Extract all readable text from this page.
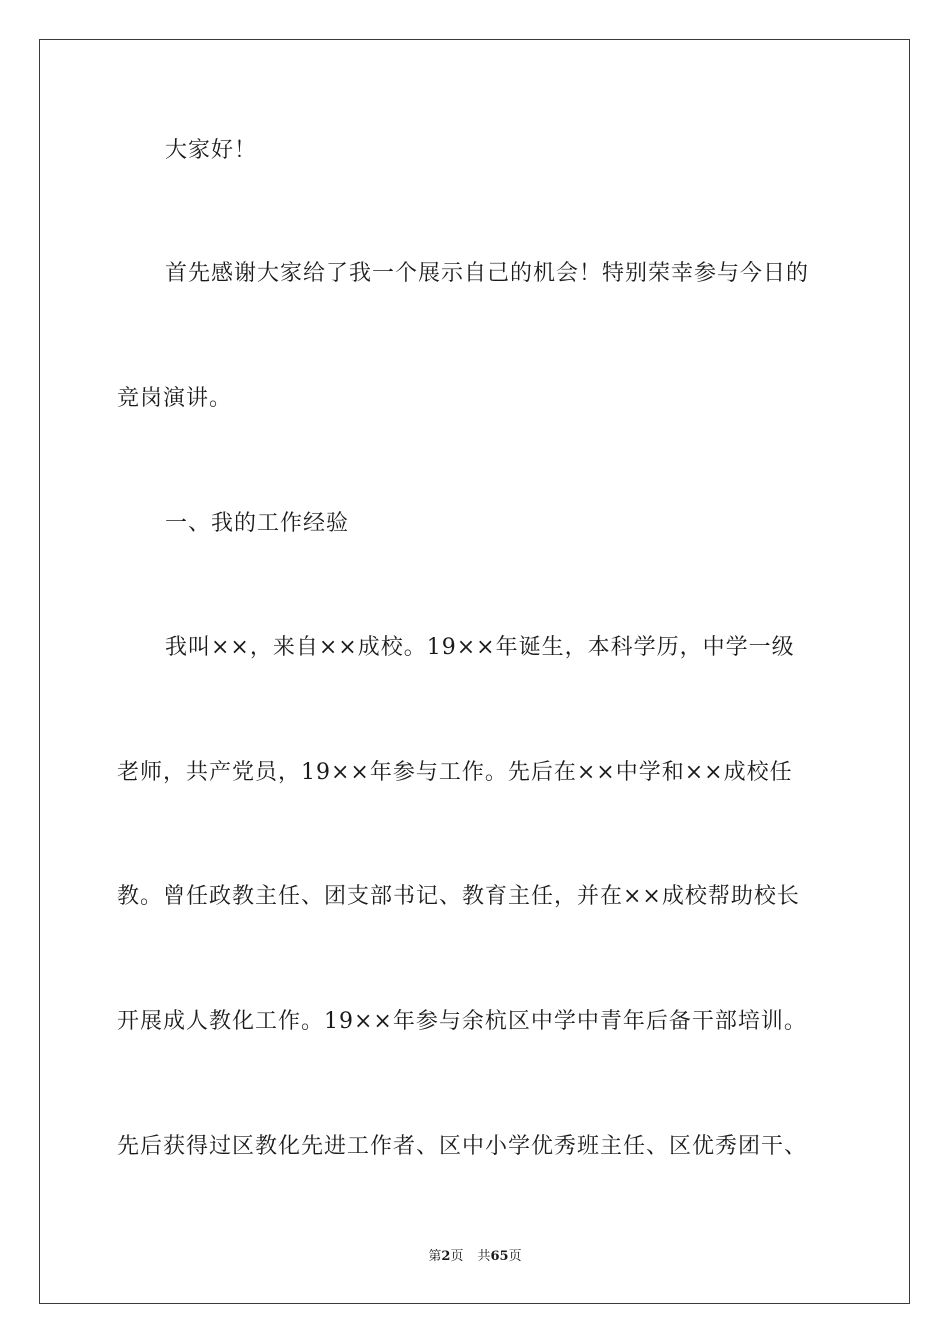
大家好！
首先感谢大家给了我一个展示自己的机会！特别荣幸参与今日的
竞岗演讲。
一、我的工作经验
我叫××，来自××成校。19××年诞生，本科学历，中学一级
老师，共产党员，19××年参与工作。先后在××中学和××成校任
教。曾任政教主任、团支部书记、教育主任，并在××成校帮助校长
开展成人教化工作。19××年参与余杭区中学中青年后备干部培训。
先后获得过区教化先进工作者、区中小学优秀班主任、区优秀团干、
第2页 共65页
